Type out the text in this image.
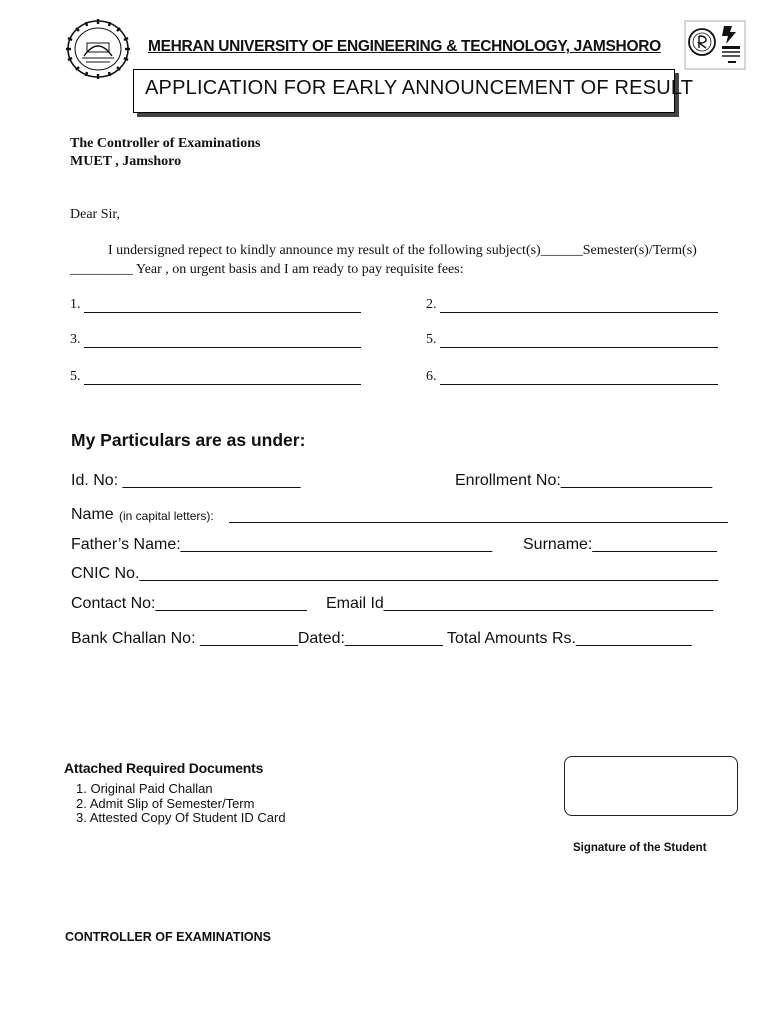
MEHRAN UNIVERSITY OF ENGINEERING & TECHNOLOGY, JAMSHORO
APPLICATION FOR EARLY ANNOUNCEMENT OF RESULT
The Controller of Examinations
MUET , Jamshoro
Dear Sir,
I undersigned repect to kindly announce my result of the following subject(s)______Semester(s)/Term(s)
_________ Year , on urgent basis and I am ready to pay requisite fees:
1.	2.
3.	5.
5.	6.
My Particulars are as under:
Id. No: ____________________	Enrollment No:_________________
Name (in capital letters):
Father’s Name:___________________________________ Surname:______________
CNIC No._________________________________________________________________
Contact No:_________________ Email Id_____________________________________
Bank Challan No: ___________Dated:___________ Total Amounts Rs._____________
Attached Required Documents
1. Original Paid Challan
2. Admit Slip of Semester/Term
3. Attested Copy Of Student ID Card
Signature of the Student
CONTROLLER OF EXAMINATIONS
